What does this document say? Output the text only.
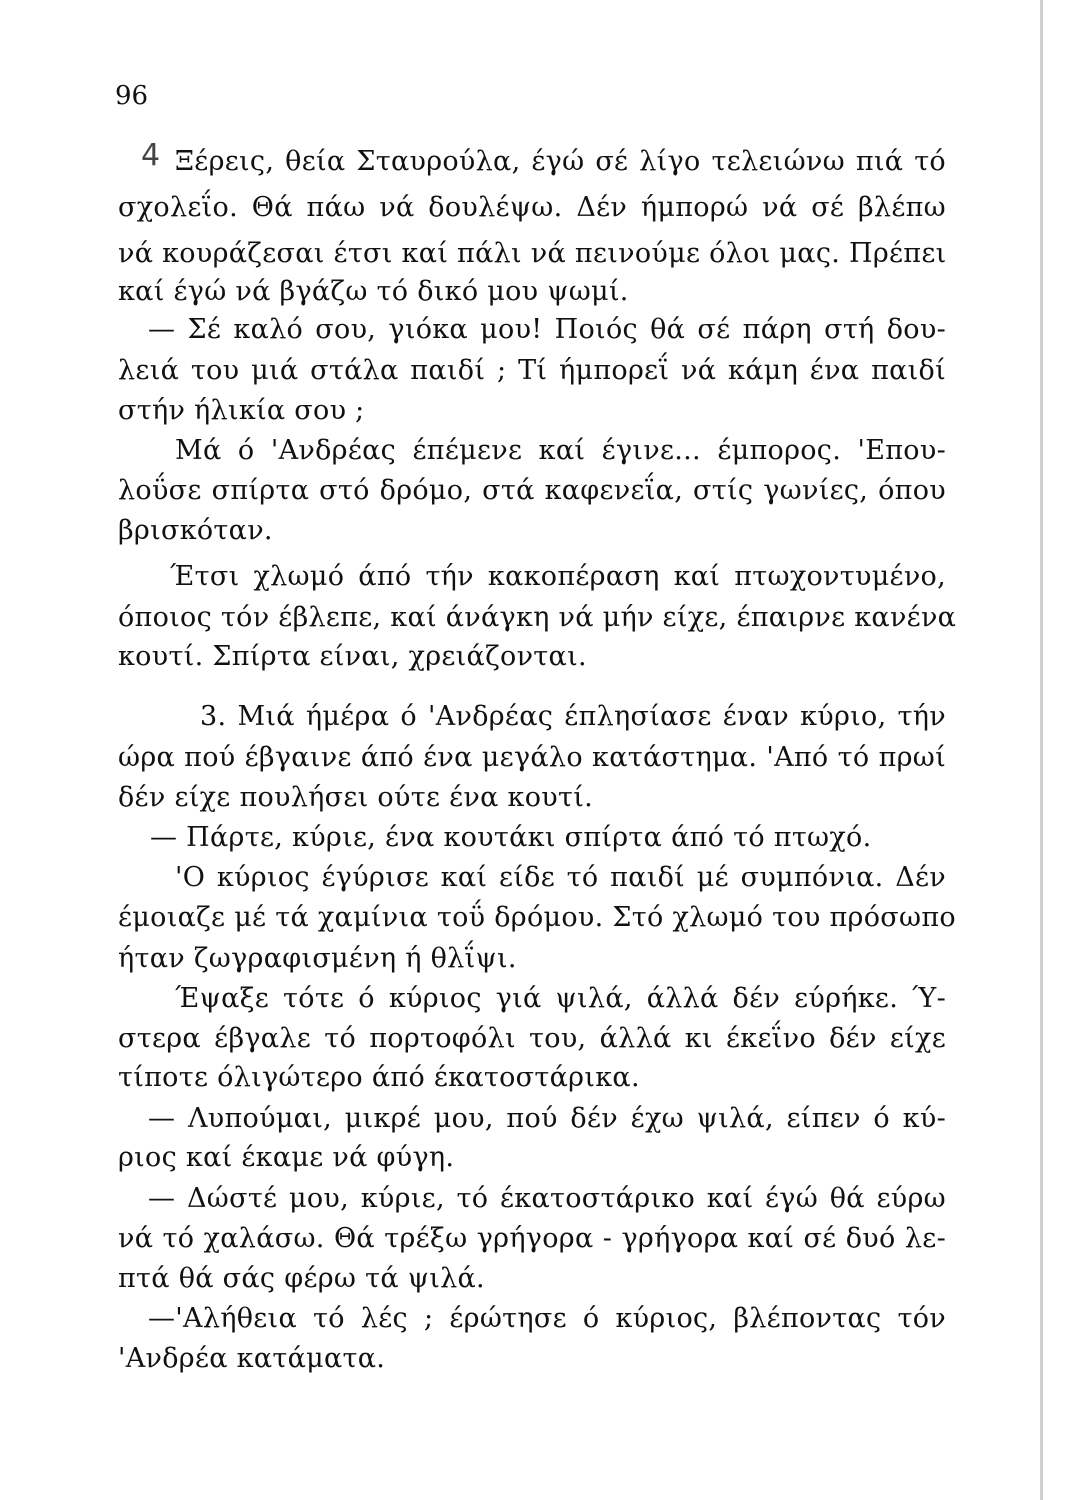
96
4 Ξέρεις, θεία Σταυρούλα, έγώ σέ λίγο τελειώνω πιά τό
σχολεΐο. Θά πάω νά δουλέψω. Δέν ήμπορώ νά σέ βλέπω
νά κουράζεσαι έτσι καί πάλι νά πεινούμε όλοι μας. Πρέπει
καί έγώ νά βγάζω τό δικό μου ψωμί.
— Σέ καλό σου, γιόκα μου! Ποιός θά σέ πάρη στή δου-
λειά του μιά στάλα παιδί ; Τί ήμπορεΐ νά κάμη ένα παιδί
στήν ήλικία σου ;
Μά ό 'Ανδρέας έπέμενε καί έγινε... έμπορος. 'Επου-
λοΰσε σπίρτα στό δρόμο, στά καφενεΐα, στίς γωνίες, όπου
βρισκόταν.
Έτσι χλωμό άπό τήν κακοπέραση καί πτωχοντυμένο,
όποιος τόν έβλεπε, καί άνάγκη νά μήν είχε, έπαιρνε κανένα
κουτί. Σπίρτα είναι, χρειάζονται.
3. Μιά ήμέρα ό 'Ανδρέας έπλησίασε έναν κύριο, τήν
ώρα πού έβγαινε άπό ένα μεγάλο κατάστημα. 'Από τό πρωί
δέν είχε πουλήσει ούτε ένα κουτί.
— Πάρτε, κύριε, ένα κουτάκι σπίρτα άπό τό πτωχό.
'Ο κύριος έγύρισε καί είδε τό παιδί μέ συμπόνια. Δέν
έμοιαζε μέ τά χαμίνια τοΰ δρόμου. Στό χλωμό του πρόσωπο
ήταν ζωγραφισμένη ή θλΐψι.
Έψαξε τότε ό κύριος γιά ψιλά, άλλά δέν εύρήκε. Ύ-
στερα έβγαλε τό πορτοφόλι του, άλλά κι έκεΐνο δέν είχε
τίποτε όλιγώτερο άπό έκατοστάρικα.
— Λυπούμαι, μικρέ μου, πού δέν έχω ψιλά, είπεν ό κύ-
ριος καί έκαμε νά φύγη.
— Δώστέ μου, κύριε, τό έκατοστάρικο καί έγώ θά εύρω
νά τό χαλάσω. Θά τρέξω γρήγορα - γρήγορα καί σέ δυό λε-
πτά θά σάς φέρω τά ψιλά.
—'Αλήθεια τό λές ; έρώτησε ό κύριος, βλέποντας τόν
'Ανδρέα κατάματα.
